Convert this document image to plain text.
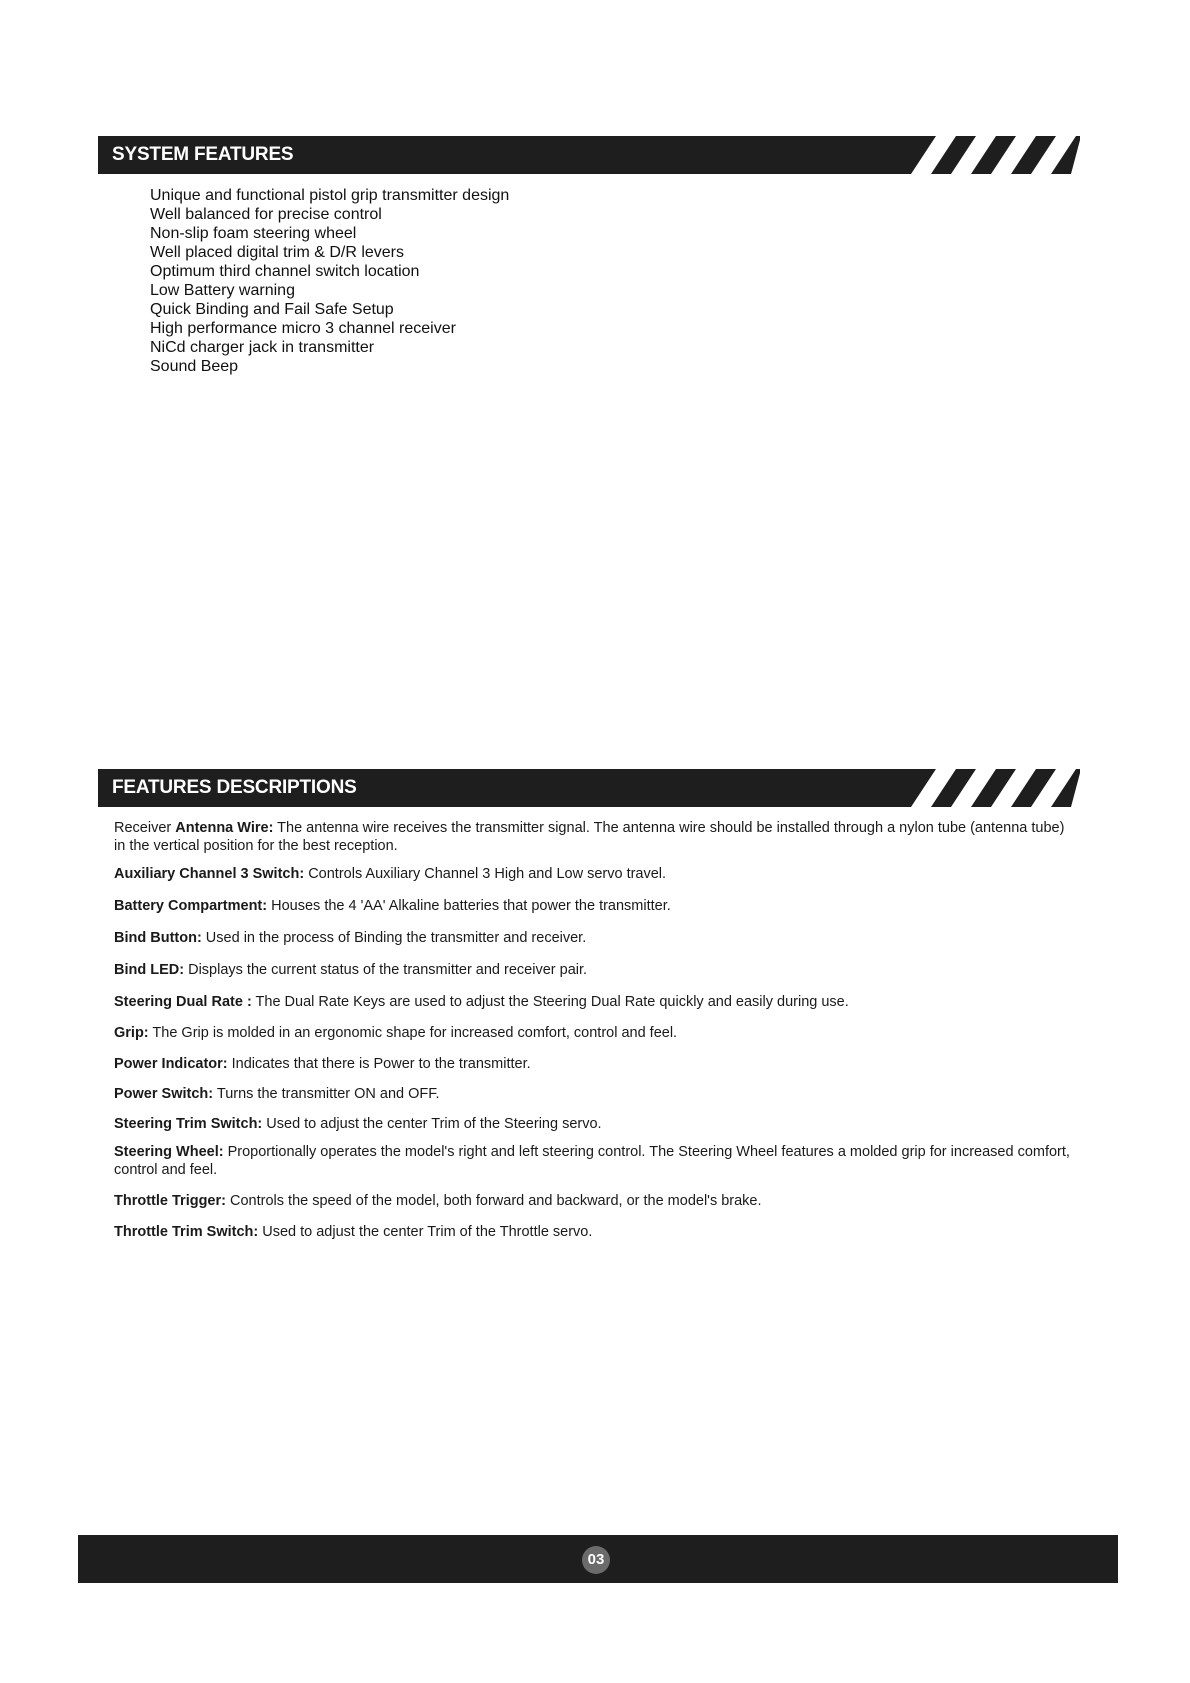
SYSTEM FEATURES
Unique and functional pistol grip transmitter design
Well balanced for precise control
Non-slip foam steering wheel
Well placed digital trim & D/R levers
Optimum third channel switch location
Low Battery warning
Quick Binding and Fail Safe Setup
High performance micro 3 channel receiver
NiCd charger jack in transmitter
Sound Beep
FEATURES DESCRIPTIONS

Receiver Antenna Wire: The antenna wire receives the transmitter signal. The antenna wire should be installed through a nylon tube (antenna tube) in the vertical position for the best reception.

Auxiliary Channel 3 Switch: Controls Auxiliary Channel 3 High and Low servo travel.

Battery Compartment: Houses the 4 'AA' Alkaline batteries that power the transmitter.

Bind Button: Used in the process of Binding the transmitter and receiver.

Bind LED: Displays the current status of the transmitter and receiver pair.

Steering Dual Rate : The Dual Rate Keys are used to adjust the Steering Dual Rate quickly and easily during use.

Grip: The Grip is molded in an ergonomic shape for increased comfort, control and feel.

Power Indicator: Indicates that there is Power to the transmitter.

Power Switch: Turns the transmitter ON and OFF.

Steering Trim Switch: Used to adjust the center Trim of the Steering servo.

Steering Wheel: Proportionally operates the model's right and left steering control. The Steering Wheel features a molded grip for increased comfort, control and feel.

Throttle Trigger: Controls the speed of the model, both forward and backward, or the model's brake.

Throttle Trim Switch: Used to adjust the center Trim of the Throttle servo.

03
